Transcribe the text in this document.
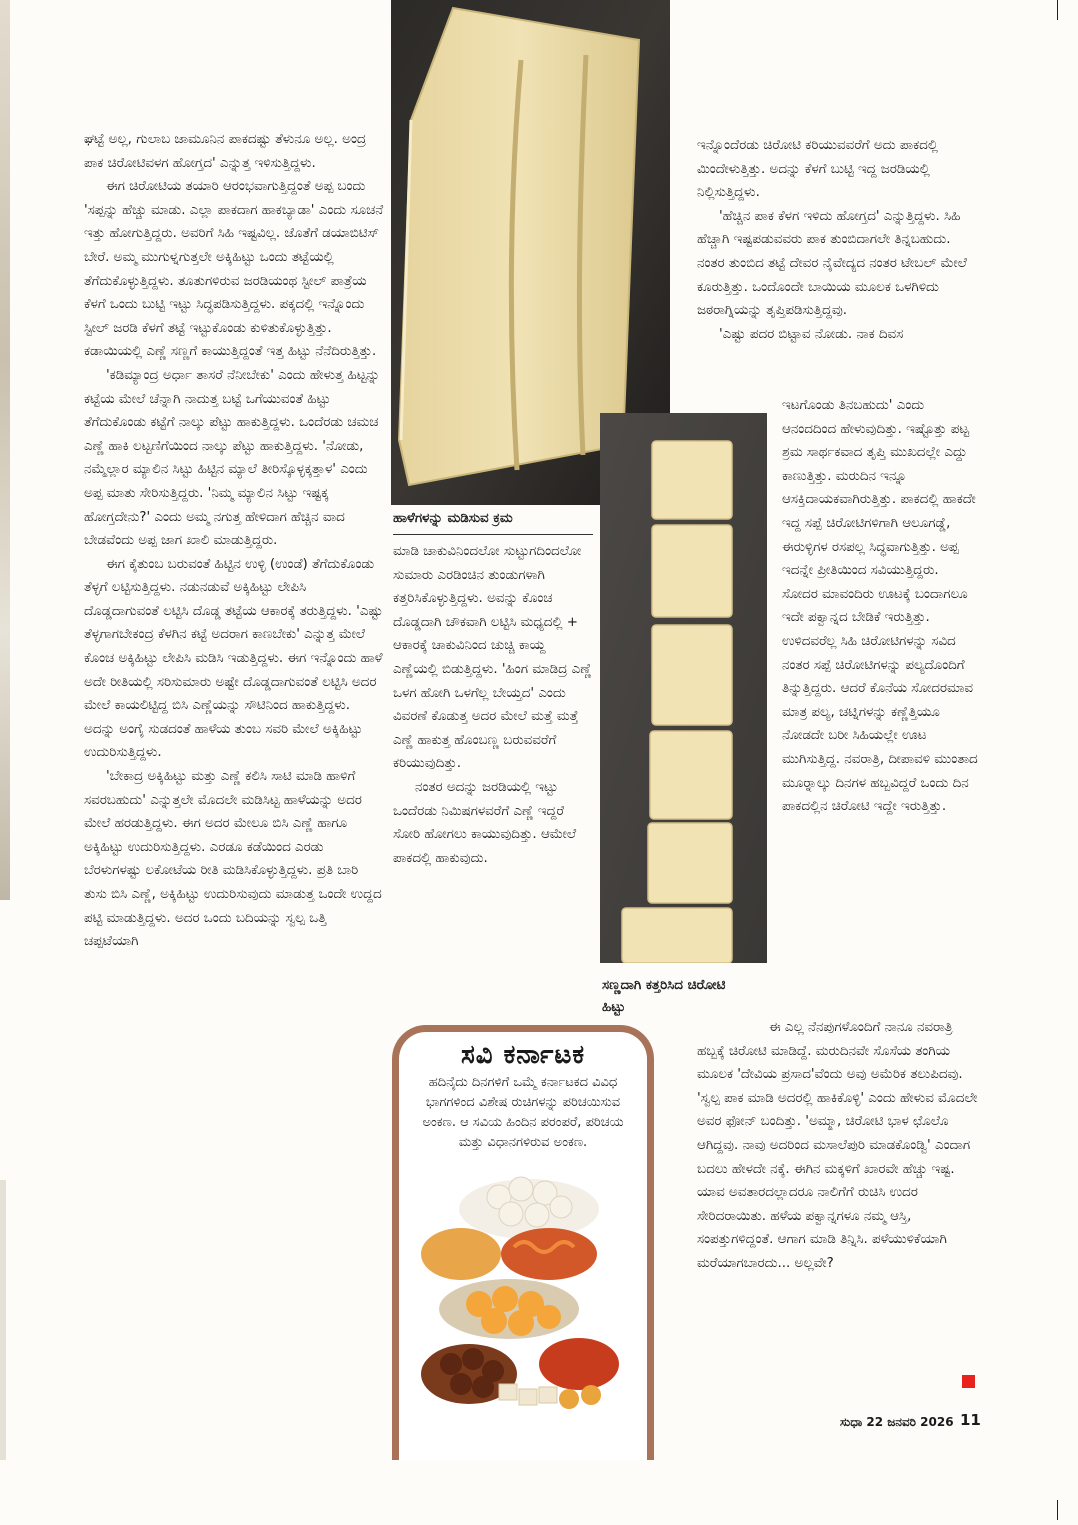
ಘಟ್ಟೆ ಅಲ್ಲ, ಗುಲಾಬ ಜಾಮೂನಿನ ಪಾಕದಷ್ಟು ತೆಳುನೂ ಅಲ್ಲ. ಅಂದ್ರ ಪಾಕ ಚಿರೋಟಿವಳಗ ಹೋಗ್ತದ' ಎನ್ನುತ್ತ ಇಳಿಸುತ್ತಿದ್ದಳು.

ಈಗ ಚಿರೋಟಿಯ ತಯಾರಿ ಆರಂಭವಾಗುತ್ತಿದ್ದಂತೆ ಅಪ್ಪ ಬಂದು 'ಸಪ್ಪನ್ನು ಹೆಚ್ಚು ಮಾಡು. ಎಲ್ಲಾ ಪಾಕದಾಗ ಹಾಕಬ್ಯಾಡಾ' ಎಂದು ಸೂಚನೆ ಇತ್ತು ಹೋಗುತ್ತಿದ್ದರು. ಅವರಿಗೆ ಸಿಹಿ ಇಷ್ಟವಿಲ್ಲ. ಜೊತೆಗೆ ಡಯಾಬಿಟಿಸ್ ಬೇರೆ. ಅಮ್ಮ ಮುಗುಳ್ನಗುತ್ತಲೇ ಅಕ್ಕಿಹಿಟ್ಟು ಒಂದು ತಟ್ಟೆಯಲ್ಲಿ ತೆಗೆದುಕೊಳ್ಳುತ್ತಿದ್ದಳು. ತೂತುಗಳಿರುವ ಜರಡಿಯಂಥ ಸ್ಟೀಲ್ ಪಾತ್ರೆಯ ಕೆಳಗೆ ಒಂದು ಬುಟ್ಟಿ ಇಟ್ಟು ಸಿದ್ಧಪಡಿಸುತ್ತಿದ್ದಳು. ಪಕ್ಕದಲ್ಲಿ ಇನ್ನೊಂದು ಸ್ಟೀಲ್ ಜರಡಿ ಕೆಳಗೆ ತಟ್ಟೆ ಇಟ್ಟುಕೊಂಡು ಕುಳಿತುಕೊಳ್ಳುತ್ತಿತ್ತು. ಕಡಾಯಿಯಲ್ಲಿ ಎಣ್ಣೆ ಸಣ್ಣಗೆ ಕಾಯುತ್ತಿದ್ದಂತೆ ಇತ್ತ ಹಿಟ್ಟು ನೆನೆದಿರುತ್ತಿತ್ತು.

'ಕಡಿಮ್ಯಾಂದ್ರ ಅರ್ಧಾ ತಾಸರೆ ನೆನೀಬೇಕು' ಎಂದು ಹೇಳುತ್ತ ಹಿಟ್ಟನ್ನು ಕಟ್ಟೆಯ ಮೇಲೆ ಚೆನ್ನಾಗಿ ನಾದುತ್ತ ಬಟ್ಟೆ ಒಗೆಯುವಂತೆ ಹಿಟ್ಟು ತೆಗೆದುಕೊಂಡು ಕಟ್ಟೆಗೆ ನಾಲ್ಕು ಪೆಟ್ಟು ಹಾಕುತ್ತಿದ್ದಳು. ಒಂದೆರಡು ಚಮಚ ಎಣ್ಣೆ ಹಾಕಿ ಲಟ್ಟಣಿಗೆಯಿಂದ ನಾಲ್ಕು ಪೆಟ್ಟು ಹಾಕುತ್ತಿದ್ದಳು. 'ನೋಡು, ನಮ್ಮೆಲ್ಲಾರ ಮ್ಯಾಲಿನ ಸಿಟ್ಟು ಹಿಟ್ಟಿನ ಮ್ಯಾಲೆ ತೀರಿಸ್ಕೊಳ್ಳಕ್ಕತ್ತಾಳ' ಎಂದು ಅಪ್ಪ ಮಾತು ಸೇರಿಸುತ್ತಿದ್ದರು. 'ನಿಮ್ಮ ಮ್ಯಾಲಿನ ಸಿಟ್ಟು ಇಷ್ಟಕ್ಕ ಹೋಗ್ತದೇನು?' ಎಂದು ಅಮ್ಮ ನಗುತ್ತ ಹೇಳಿದಾಗ ಹೆಚ್ಚಿನ ವಾದ ಬೇಡವೆಂದು ಅಪ್ಪ ಜಾಗ ಖಾಲಿ ಮಾಡುತ್ತಿದ್ದರು.

ಈಗ ಕೈತುಂಬ ಬರುವಂತೆ ಹಿಟ್ಟಿನ ಉಳ್ಳಿ (ಉಂಡೆ) ತೆಗೆದುಕೊಂಡು ತೆಳ್ಳಗೆ ಲಟ್ಟಿಸುತ್ತಿದ್ದಳು. ನಡುನಡುವೆ ಅಕ್ಕಿಹಿಟ್ಟು ಲೇಪಿಸಿ ದೊಡ್ಡದಾಗುವಂತೆ ಲಟ್ಟಿಸಿ ದೊಡ್ಡ ತಟ್ಟೆಯ ಆಕಾರಕ್ಕೆ ತರುತ್ತಿದ್ದಳು. 'ಎಷ್ಟು ತೆಳ್ಳಗಾಗಬೇಕಂದ್ರ ಕೆಳಗಿನ ಕಟ್ಟೆ ಅದರಾಗ ಕಾಣಬೇಕು' ಎನ್ನುತ್ತ ಮೇಲೆ ಕೊಂಚ ಅಕ್ಕಿಹಿಟ್ಟು ಲೇಪಿಸಿ ಮಡಿಸಿ ಇಡುತ್ತಿದ್ದಳು. ಈಗ ಇನ್ನೊಂದು ಹಾಳೆ ಅದೇ ರೀತಿಯಲ್ಲಿ ಸರಿಸುಮಾರು ಅಷ್ಟೇ ದೊಡ್ಡದಾಗುವಂತೆ ಲಟ್ಟಿಸಿ ಅದರ ಮೇಲೆ ಕಾಯಲಿಟ್ಟಿದ್ದ ಬಿಸಿ ಎಣ್ಣೆಯನ್ನು ಸೌಟಿನಿಂದ ಹಾಕುತ್ತಿದ್ದಳು. ಅದನ್ನು ಅಂಗೈ ಸುಡದಂತೆ ಹಾಳೆಯ ತುಂಬ ಸವರಿ ಮೇಲೆ ಅಕ್ಕಿಹಿಟ್ಟು ಉದುರಿಸುತ್ತಿದ್ದಳು.

'ಬೇಕಾದ್ರ ಅಕ್ಕಿಹಿಟ್ಟು ಮತ್ತು ಎಣ್ಣೆ ಕಲಿಸಿ ಸಾಟಿ ಮಾಡಿ ಹಾಳಿಗೆ ಸವರಬಹುದು' ಎನ್ನುತ್ತಲೇ ಮೊದಲೇ ಮಡಿಸಿಟ್ಟ ಹಾಳೆಯನ್ನು ಅದರ ಮೇಲೆ ಹರಡುತ್ತಿದ್ದಳು. ಈಗ ಅದರ ಮೇಲೂ ಬಿಸಿ ಎಣ್ಣೆ ಹಾಗೂ ಅಕ್ಕಿಹಿಟ್ಟು ಉದುರಿಸುತ್ತಿದ್ದಳು. ಎರಡೂ ಕಡೆಯಿಂದ ಎರಡು ಬೆರಳುಗಳಷ್ಟು ಲಕೋಟೆಯ ರೀತಿ ಮಡಿಸಿಕೊಳ್ಳುತ್ತಿದ್ದಳು. ಪ್ರತಿ ಬಾರಿ ತುಸು ಬಿಸಿ ಎಣ್ಣೆ, ಅಕ್ಕಿಹಿಟ್ಟು ಉದುರಿಸುವುದು ಮಾಡುತ್ತ ಒಂದೇ ಉದ್ದದ ಪಟ್ಟಿ ಮಾಡುತ್ತಿದ್ದಳು. ಅದರ ಒಂದು ಬದಿಯನ್ನು ಸ್ವಲ್ಪ ಒತ್ತಿ ಚಪ್ಪಟೆಯಾಗಿ

ಹಾಳೆಗಳನ್ನು ಮಡಿಸುವ ಕ್ರಮ

ಮಾಡಿ ಚಾಕುವಿನಿಂದಲೋ ಸುಟ್ಟುಗದಿಂದಲೋ ಸುಮಾರು ಎರಡಿಂಚಿನ ತುಂಡುಗಳಾಗಿ ಕತ್ತರಿಸಿಕೊಳ್ಳುತ್ತಿದ್ದಳು. ಅವನ್ನು ಕೊಂಚ ದೊಡ್ಡದಾಗಿ ಚೌಕವಾಗಿ ಲಟ್ಟಿಸಿ ಮಧ್ಯದಲ್ಲಿ + ಆಕಾರಕ್ಕೆ ಚಾಕುವಿನಿಂದ ಚುಚ್ಚಿ ಕಾಯ್ದ ಎಣ್ಣೆಯಲ್ಲಿ ಬಿಡುತ್ತಿದ್ದಳು. 'ಹಿಂಗ ಮಾಡಿದ್ರ ಎಣ್ಣೆ ಒಳಗ ಹೋಗಿ ಒಳಗೆಲ್ಲ ಬೇಯ್ತದ' ಎಂದು ವಿವರಣೆ ಕೊಡುತ್ತ ಅದರ ಮೇಲೆ ಮತ್ತೆ ಮತ್ತೆ ಎಣ್ಣೆ ಹಾಕುತ್ತ ಹೊಂಬಣ್ಣ ಬರುವವರೆಗೆ ಕರಿಯುವುದಿತ್ತು.

ನಂತರ ಅದನ್ನು ಜರಡಿಯಲ್ಲಿ ಇಟ್ಟು ಒಂದೆರಡು ನಿಮಿಷಗಳವರೆಗೆ ಎಣ್ಣೆ ಇದ್ದರೆ ಸೋರಿ ಹೋಗಲು ಕಾಯುವುದಿತ್ತು. ಆಮೇಲೆ ಪಾಕದಲ್ಲಿ ಹಾಕುವುದು.

ಸಣ್ಣದಾಗಿ ಕತ್ತರಿಸಿದ ಚಿರೋಟಿ ಹಿಟ್ಟು

ಇನ್ನೊಂದೆರಡು ಚಿರೋಟಿ ಕರಿಯುವವರೆಗೆ ಅದು ಪಾಕದಲ್ಲಿ ಮಿಂದೇಳುತ್ತಿತ್ತು. ಅದನ್ನು ಕೆಳಗೆ ಬುಟ್ಟಿ ಇದ್ದ ಜರಡಿಯಲ್ಲಿ ನಿಲ್ಲಿಸುತ್ತಿದ್ದಳು.

'ಹೆಚ್ಚಿನ ಪಾಕ ಕೆಳಗ ಇಳಿದು ಹೋಗ್ತದ' ಎನ್ನುತ್ತಿದ್ದಳು. ಸಿಹಿ ಹೆಚ್ಚಾಗಿ ಇಷ್ಟಪಡುವವರು ಪಾಕ ತುಂಬಿದಾಗಲೇ ತಿನ್ನಬಹುದು. ನಂತರ ತುಂಬಿದ ತಟ್ಟೆ ದೇವರ ನೈವೇದ್ಯದ ನಂತರ ಟೇಬಲ್ ಮೇಲೆ ಕೂರುತ್ತಿತ್ತು. ಒಂದೊಂದೇ ಬಾಯಿಯ ಮೂಲಕ ಒಳಗಿಳಿದು ಜಠರಾಗ್ನಿಯನ್ನು ತೃಪ್ತಿಪಡಿಸುತ್ತಿದ್ದವು.

'ಎಷ್ಟು ಪದರ ಬಿಟ್ಟಾವ ನೋಡು. ನಾಕ ದಿವಸ

ಇಟಗೊಂಡು ತಿನಬಹುದು' ಎಂದು ಆನಂದದಿಂದ ಹೇಳುವುದಿತ್ತು. ಇಷ್ಟೊತ್ತು ಪಟ್ಟ ಶ್ರಮ ಸಾರ್ಥಕವಾದ ತೃಪ್ತಿ ಮುಖದಲ್ಲೇ ಎದ್ದು ಕಾಣುತ್ತಿತ್ತು. ಮರುದಿನ ಇನ್ನೂ ಆಸಕ್ತಿದಾಯಕವಾಗಿರುತ್ತಿತ್ತು. ಪಾಕದಲ್ಲಿ ಹಾಕದೇ ಇದ್ದ ಸಪ್ಪೆ ಚಿರೋಟಿಗಳಿಗಾಗಿ ಆಲೂಗಡ್ಡೆ, ಈರುಳ್ಳಿಗಳ ರಸಪಲ್ಲ ಸಿದ್ಧವಾಗುತ್ತಿತ್ತು. ಅಪ್ಪ ಇದನ್ನೇ ಪ್ರೀತಿಯಿಂದ ಸವಿಯುತ್ತಿದ್ದರು. ಸೋದರ ಮಾವಂದಿರು ಊಟಕ್ಕೆ ಬಂದಾಗಲೂ ಇದೇ ಪಕ್ವಾನ್ನದ ಬೇಡಿಕೆ ಇರುತ್ತಿತ್ತು. ಉಳಿದವರೆಲ್ಲ ಸಿಹಿ ಚಿರೋಟಿಗಳನ್ನು ಸವಿದ ನಂತರ ಸಪ್ಪೆ ಚಿರೋಟಿಗಳನ್ನು ಪಲ್ಯದೊಂದಿಗೆ ತಿನ್ನುತ್ತಿದ್ದರು. ಆದರೆ ಕೊನೆಯ ಸೋದರಮಾವ ಮಾತ್ರ ಪಲ್ಯ, ಚಟ್ನಿಗಳನ್ನು ಕಣ್ಣೆತ್ತಿಯೂ ನೋಡದೇ ಬರೀ ಸಿಹಿಯಲ್ಲೇ ಊಟ ಮುಗಿಸುತ್ತಿದ್ದ. ನವರಾತ್ರಿ, ದೀಪಾವಳಿ ಮುಂತಾದ ಮೂರ್‍ನಾಲ್ಕು ದಿನಗಳ ಹಬ್ಬವಿದ್ದರೆ ಒಂದು ದಿನ ಪಾಕದಲ್ಲಿನ ಚಿರೋಟಿ ಇದ್ದೇ ಇರುತ್ತಿತ್ತು.

ಈ ಎಲ್ಲ ನೆನಪುಗಳೊಂದಿಗೆ ನಾನೂ ನವರಾತ್ರಿ ಹಬ್ಬಕ್ಕೆ ಚಿರೋಟಿ ಮಾಡಿದ್ದೆ. ಮರುದಿನವೇ ಸೊಸೆಯ ತಂಗಿಯ ಮೂಲಕ 'ದೇವಿಯ ಪ್ರಸಾದ'ವೆಂದು ಅವು ಅಮೆರಿಕ ತಲುಪಿದವು. 'ಸ್ವಲ್ಪ ಪಾಕ ಮಾಡಿ ಅದರಲ್ಲಿ ಹಾಕಿಕೊಳ್ಳಿ' ಎಂದು ಹೇಳುವ ಮೊದಲೇ ಅವರ ಫೋನ್ ಬಂದಿತ್ತು. 'ಅಮ್ಮಾ, ಚಿರೋಟಿ ಭಾಳ ಛೊಲೊ ಆಗಿದ್ದವು. ನಾವು ಅದರಿಂದ ಮಸಾಲೆಪುರಿ ಮಾಡಕೊಂಡ್ವಿ' ಎಂದಾಗ ಬದಲು ಹೇಳದೇ ನಕ್ಕೆ. ಈಗಿನ ಮಕ್ಕಳಿಗೆ ಖಾರವೇ ಹೆಚ್ಚು ಇಷ್ಟ. ಯಾವ ಅವತಾರದಲ್ಲಾದರೂ ನಾಲಿಗೆಗೆ ರುಚಿಸಿ ಉದರ ಸೇರಿದರಾಯಿತು. ಹಳೆಯ ಪಕ್ವಾನ್ನಗಳೂ ನಮ್ಮ ಆಸ್ತಿ, ಸಂಪತ್ತುಗಳಿದ್ದಂತೆ. ಆಗಾಗ ಮಾಡಿ ತಿನ್ನಿಸಿ. ಪಳೆಯುಳಿಕೆಯಾಗಿ ಮರೆಯಾಗಬಾರದು... ಅಲ್ಲವೇ?

ಸವಿ ಕರ್ನಾಟಕ
ಹದಿನೈದು ದಿನಗಳಿಗೆ ಒಮ್ಮೆ ಕರ್ನಾಟಕದ ವಿವಿಧ ಭಾಗಗಳಿಂದ ವಿಶೇಷ ರುಚಿಗಳನ್ನು ಪರಿಚಯಿಸುವ ಅಂಕಣ. ಆ ಸವಿಯ ಹಿಂದಿನ ಪರಂಪರೆ, ಪರಿಚಯ ಮತ್ತು ವಿಧಾನಗಳಿರುವ ಅಂಕಣ.
ಸುಧಾ 22 ಜನವರಿ 2026 11
